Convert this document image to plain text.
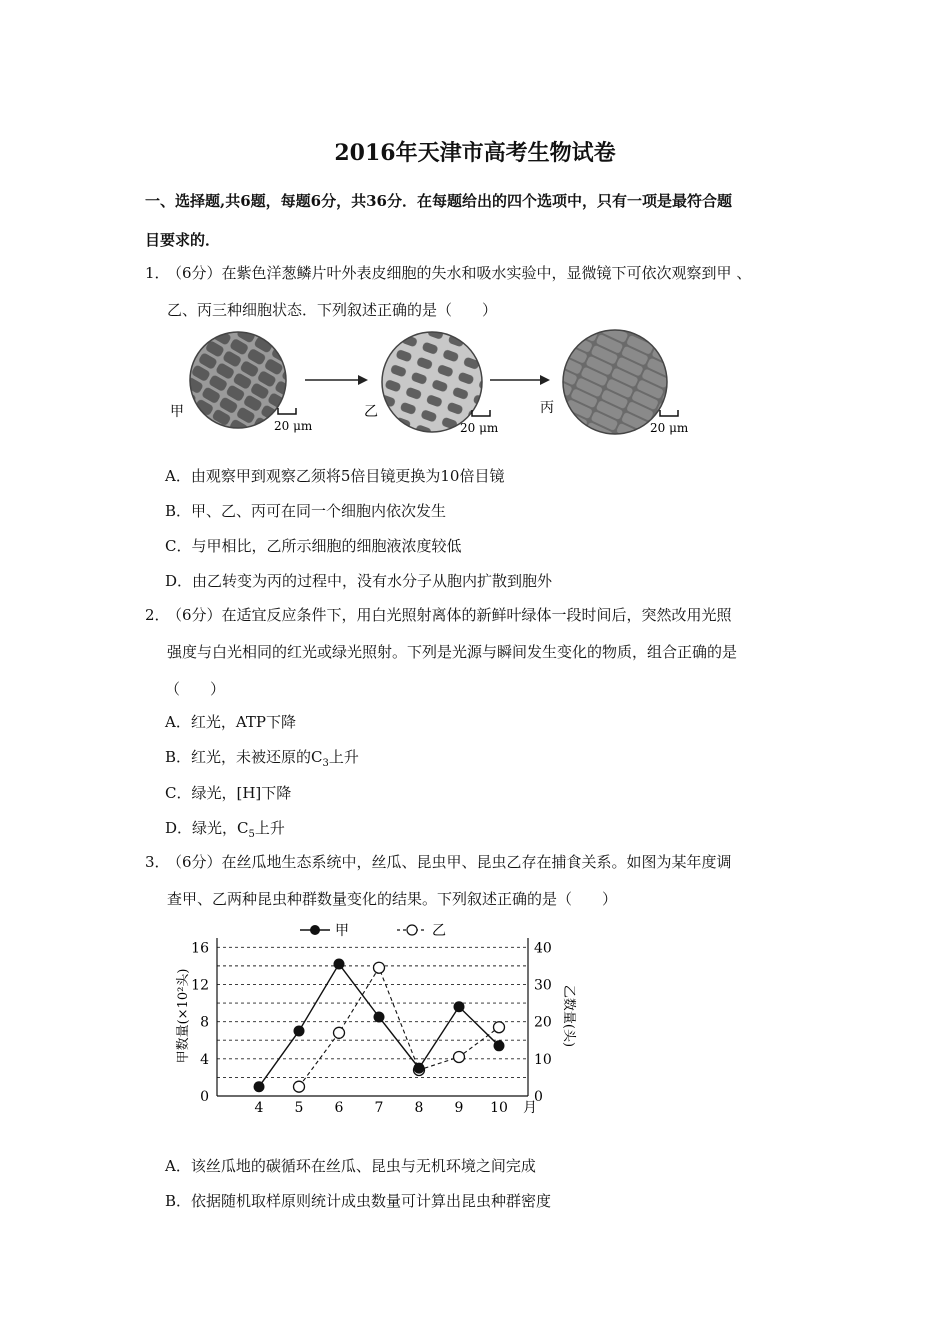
2016年天津市高考生物试卷
一、选择题,共6题，每题6分，共36分．在每题给出的四个选项中，只有一项是最符合题
目要求的．
1．
（6分）在紫色洋葱鳞片叶外表皮细胞的失水和吸水实验中，显微镜下可依次观察到甲 、
乙、丙三种细胞状态．下列叙述正确的是（　　）
甲
20 μm
乙
20 μm
丙
20 μm
A．由观察甲到观察乙须将5倍目镜更换为10倍目镜
B．甲、乙、丙可在同一个细胞内依次发生
C．与甲相比，乙所示细胞的细胞液浓度较低
D．由乙转变为丙的过程中，没有水分子从胞内扩散到胞外
2．
（6分）在适宜反应条件下，用白光照射离体的新鲜叶绿体一段时间后，突然改用光照
强度与白光相同的红光或绿光照射。下列是光源与瞬间发生变化的物质，组合正确的是
（　　）
A．红光，ATP下降
B．红光，未被还原的$C_3$上升
C．绿光，[H]下降
D．绿光，$C_5$上升
3．
（6分）在丝瓜地生态系统中，丝瓜、昆虫甲、昆虫乙存在捕食关系。如图为某年度调
查甲、乙两种昆虫种群数量变化的结果。下列叙述正确的是（　　）
0
4
8
12
16
0
10
20
30
40
4 5 6 7 8 9 10
甲数量(×10²头)	乙数量(头)
月
甲	乙
A．该丝瓜地的碳循环在丝瓜、昆虫与无机环境之间完成
B．依据随机取样原则统计成虫数量可计算出昆虫种群密度
